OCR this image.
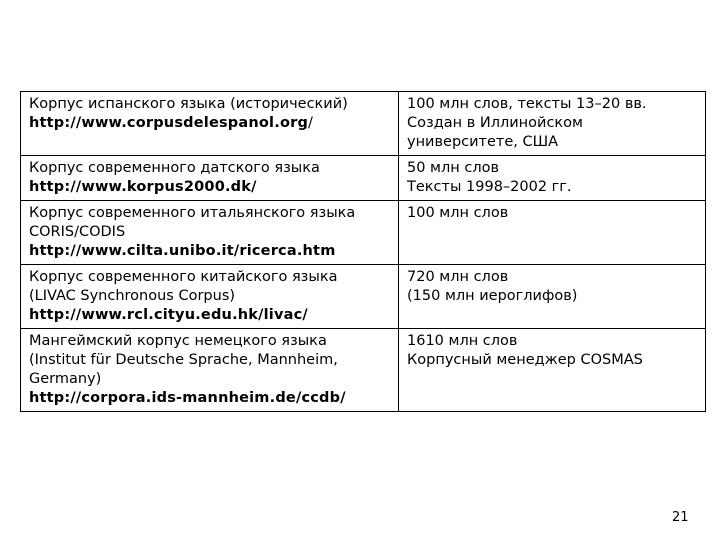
Корпус испанского языка (исторический)
http://www.corpusdelespanol.org/	100 млн слов, тексты 13–20 вв.
Создан в Иллинойском
университете, США

Корпус современного датского языка
http://www.korpus2000.dk/	50 млн слов
Тексты 1998–2002 гг.

Корпус современного итальянского языка
CORIS/CODIS
http://www.cilta.unibo.it/ricerca.htm	100 млн слов

Корпус современного китайского языка
(LIVAC Synchronous Corpus)
http://www.rcl.cityu.edu.hk/livac/	720 млн слов
(150 млн иероглифов)

Мангеймский корпус немецкого языка
(Institut für Deutsche Sprache, Mannheim,
Germany)
http://corpora.ids-mannheim.de/ccdb/	1610 млн слов
Корпусный менеджер COSMAS
21
